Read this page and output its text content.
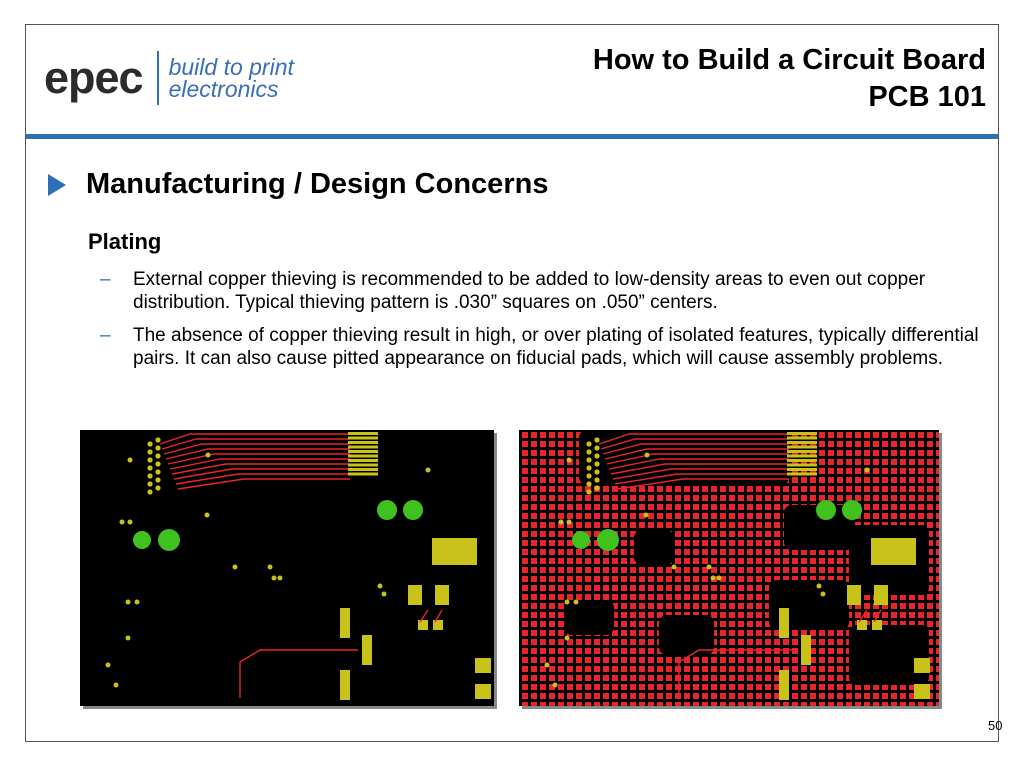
epec build to print
electronics
How to Build a Circuit Board
PCB 101
Manufacturing / Design Concerns
Plating
–	External copper thieving is recommended to be added to low-density areas to even out copper distribution. Typical thieving pattern is .030” squares on .050” centers.
–	The absence of copper thieving result in high, or over plating of isolated features, typically differential pairs. It can also cause pitted appearance on fiducial pads, which will cause assembly problems.
50
